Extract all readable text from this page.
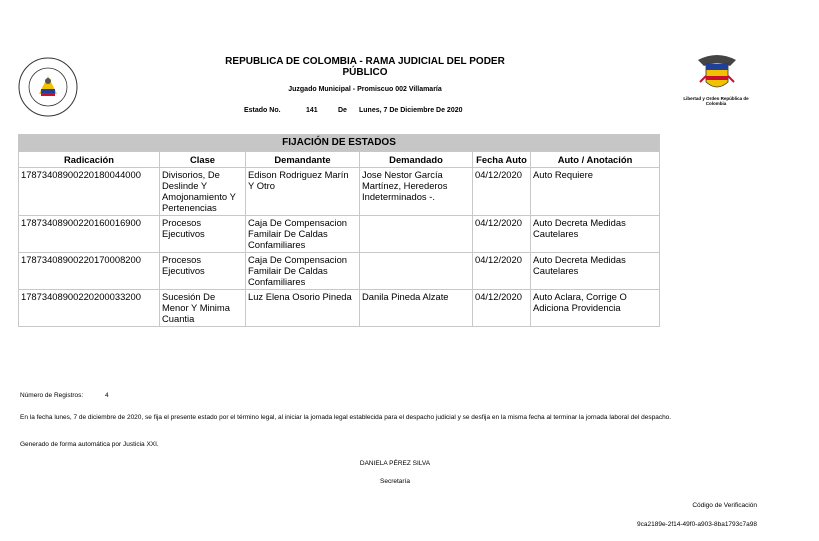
Libertad y Orden República de Colombia
REPUBLICA DE COLOMBIA - RAMA JUDICIAL DEL PODER PÚBLICO
Juzgado Municipal - Promiscuo 002 Villamaría
Estado No.	141	De Lunes, 7 De Diciembre De 2020
FIJACIÓN DE ESTADOS					
Radicación	Clase	Demandante	Demandado	Fecha Auto	Auto / Anotación
17873408900220180044000	Divisorios, De Deslinde Y Amojonamiento Y Pertenencias	Edison Rodriguez Marín Y Otro	Jose Nestor García Martínez, Herederos Indeterminados -.	04/12/2020	Auto Requiere
17873408900220160016900	Procesos Ejecutivos	Caja De Compensacion Familair De Caldas Confamiliares		04/12/2020	Auto Decreta Medidas Cautelares
17873408900220170008200	Procesos Ejecutivos	Caja De Compensacion Familair De Caldas Confamiliares		04/12/2020	Auto Decreta Medidas Cautelares
17873408900220200033200	Sucesión De Menor Y Minima Cuantia	Luz Elena Osorio Pineda	Danila Pineda Alzate	04/12/2020	Auto Aclara, Corrige O Adiciona Providencia
Número de Registros:	4
En la fecha lunes, 7 de diciembre de 2020, se fija el presente estado por el término legal, al iniciar la jornada legal establecida para el despacho judicial y se desfija en la misma fecha al terminar la jornada laboral del despacho.
Generado de forma automática por Justicia XXI.
DANIELA PÉREZ SILVA
Secretaría
Código de Verificación
9ca2189e-2f14-49f0-a903-8ba1793c7a98
